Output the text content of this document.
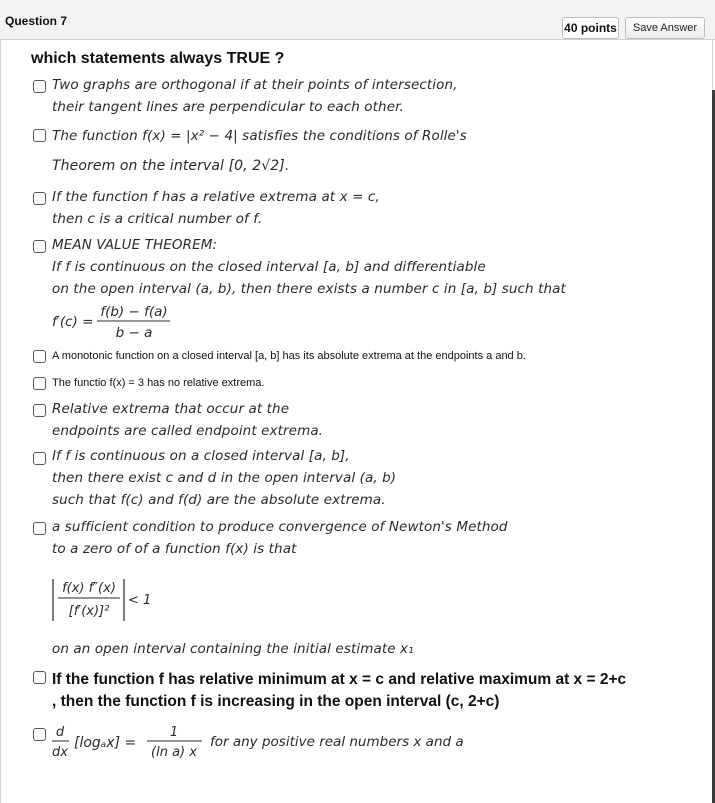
Question 7	40 points	Save Answer
which statements always TRUE ?
Two graphs are orthogonal if at their points of intersection,
their tangent lines are perpendicular to each other.
The function f(x) = |x² − 4| satisfies the conditions of Rolle's
Theorem on the interval [0, 2√2].
If the function f has a relative extrema at x = c,
then c is a critical number of f.
MEAN VALUE THEOREM:
If f is continuous on the closed interval [a, b] and differentiable
on the open interval (a, b), then there exists a number c in [a, b] such that
f′(c) =
f(b) − f(a)
b − a
A monotonic function on a closed interval [a, b] has its absolute extrema at the endpoints a and b.
The functio f(x) = 3 has no relative extrema.
Relative extrema that occur at the
endpoints are called endpoint extrema.
If f is continuous on a closed interval [a, b],
then there exist c and d in the open interval (a, b)
such that f(c) and f(d) are the absolute extrema.
a sufficient condition to produce convergence of Newton's Method
to a zero of of a function f(x) is that
f(x) f″(x)
[f′(x)]²
< 1
on an open interval containing the initial estimate x₁
If the function f has relative minimum at x = c and relative maximum at x = 2+c
, then the function f is increasing in the open interval (c, 2+c)
d
dx
[logₐx] =
1
(ln a) x
for any positive real numbers x and a
